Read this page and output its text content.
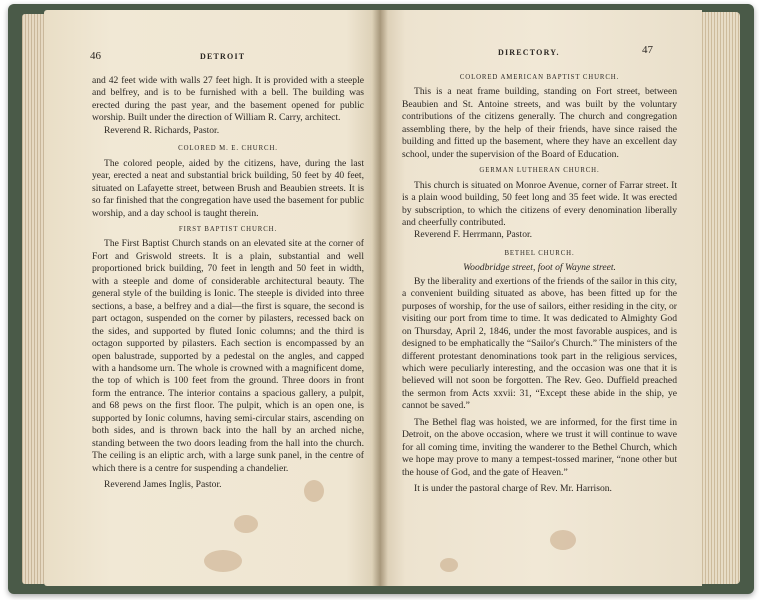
46	DETROIT

and 42 feet wide with walls 27 feet high. It is provided with a steeple and belfrey, and is to be furnished with a bell. The building was erected during the past year, and the basement opened for public worship. Built under the direction of William R. Carry, architect.

Reverend R. Richards, Pastor.

COLORED M. E. CHURCH.

The colored people, aided by the citizens, have, during the last year, erected a neat and substantial brick building, 50 feet by 40 feet, situated on Lafayette street, between Brush and Beaubien streets. It is so far finished that the congregation have used the basement for public worship, and a day school is taught therein.

FIRST BAPTIST CHURCH.

The First Baptist Church stands on an elevated site at the corner of Fort and Griswold streets. It is a plain, substantial and well proportioned brick building, 70 feet in length and 50 feet in width, with a steeple and dome of considerable architectural beauty. The general style of the building is Ionic. The steeple is divided into three sections, a base, a belfrey and a dial—the first is square, the second is part octagon, suspended on the corner by pilasters, recessed back on the sides, and supported by fluted Ionic columns; and the third is octagon supported by pilasters. Each section is encompassed by an open balustrade, supported by a pedestal on the angles, and capped with a handsome urn. The whole is crowned with a magnificent dome, the top of which is 100 feet from the ground. Three doors in front form the entrance. The interior contains a spacious gallery, a pulpit, and 68 pews on the first floor. The pulpit, which is an open one, is supported by Ionic columns, having semi-circular stairs, ascending on both sides, and is thrown back into the hall by an arched niche, standing between the two doors leading from the hall into the church. The ceiling is an eliptic arch, with a large sunk panel, in the centre of which there is a centre for suspending a chandelier.

Reverend James Inglis, Pastor.

DIRECTORY.	47
COLORED AMERICAN BAPTIST CHURCH.

This is a neat frame building, standing on Fort street, between Beaubien and St. Antoine streets, and was built by the voluntary contributions of the citizens generally. The church and congregation assembling there, by the help of their friends, have since raised the building and fitted up the basement, where they have an excellent day school, under the supervision of the Board of Education.

GERMAN LUTHERAN CHURCH.

This church is situated on Monroe Avenue, corner of Farrar street. It is a plain wood building, 50 feet long and 35 feet wide. It was erected by subscription, to which the citizens of every denomination liberally and cheerfully contributed.

Reverend F. Herrmann, Pastor.

BETHEL CHURCH.
Woodbridge street, foot of Wayne street.

By the liberality and exertions of the friends of the sailor in this city, a convenient building situated as above, has been fitted up for the purposes of worship, for the use of sailors, either residing in the city, or visiting our port from time to time. It was dedicated to Almighty God on Thursday, April 2, 1846, under the most favorable auspices, and is designed to be emphatically the “Sailor's Church.” The ministers of the different protestant denominations took part in the religious services, which were peculiarly interesting, and the occasion was one that it is believed will not soon be forgotten. The Rev. Geo. Duffield preached the sermon from Acts xxvii: 31, “Except these abide in the ship, ye cannot be saved.”

The Bethel flag was hoisted, we are informed, for the first time in Detroit, on the above occasion, where we trust it will continue to wave for all coming time, inviting the wanderer to the Bethel Church, which we hope may prove to many a tempest-tossed mariner, “none other but the house of God, and the gate of Heaven.”

It is under the pastoral charge of Rev. Mr. Harrison.
